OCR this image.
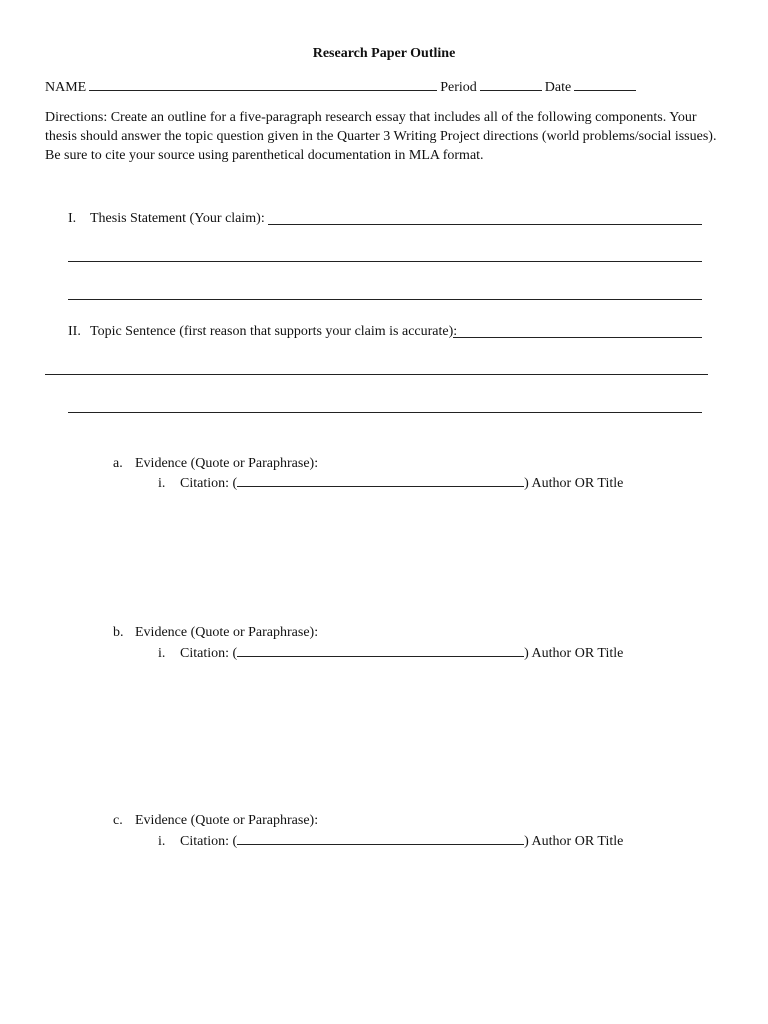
Research Paper Outline
NAME	Period	Date
Directions: Create an outline for a five-paragraph research essay that includes all of the following components. Your
thesis should answer the topic question given in the Quarter 3 Writing Project directions (world problems/social issues).
Be sure to cite your source using parenthetical documentation in MLA format.
I. Thesis Statement (Your claim):
II. Topic Sentence (first reason that supports your claim is accurate):
a. Evidence (Quote or Paraphrase):
i. Citation: (	) Author OR Title
b. Evidence (Quote or Paraphrase):
i. Citation: (	) Author OR Title
c. Evidence (Quote or Paraphrase):
i. Citation: (	) Author OR Title
